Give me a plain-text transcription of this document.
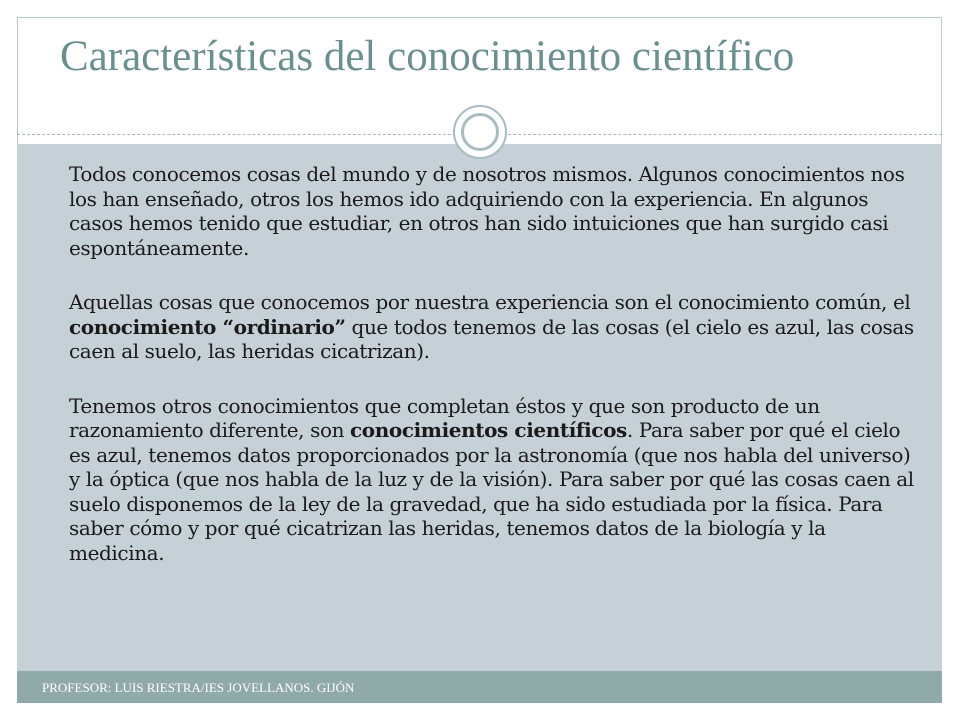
Características del conocimiento científico

Todos conocemos cosas del mundo y de nosotros mismos. Algunos conocimientos nos los han enseñado, otros los hemos ido adquiriendo con la experiencia. En algunos casos hemos tenido que estudiar, en otros han sido intuiciones que han surgido casi espontáneamente.

Aquellas cosas que conocemos por nuestra experiencia son el conocimiento común, el conocimiento “ordinario” que todos tenemos de las cosas (el cielo es azul, las cosas caen al suelo, las heridas cicatrizan).

Tenemos otros conocimientos que completan éstos y que son producto de un razonamiento diferente, son conocimientos científicos. Para saber por qué el cielo es azul, tenemos datos proporcionados por la astronomía (que nos habla del universo) y la óptica (que nos habla de la luz y de la visión). Para saber por qué las cosas caen al suelo disponemos de la ley de la gravedad, que ha sido estudiada por la física. Para saber cómo y por qué cicatrizan las heridas, tenemos datos de la biología y la medicina.

PROFESOR: LUIS RIESTRA/IES JOVELLANOS. GIJÓN
